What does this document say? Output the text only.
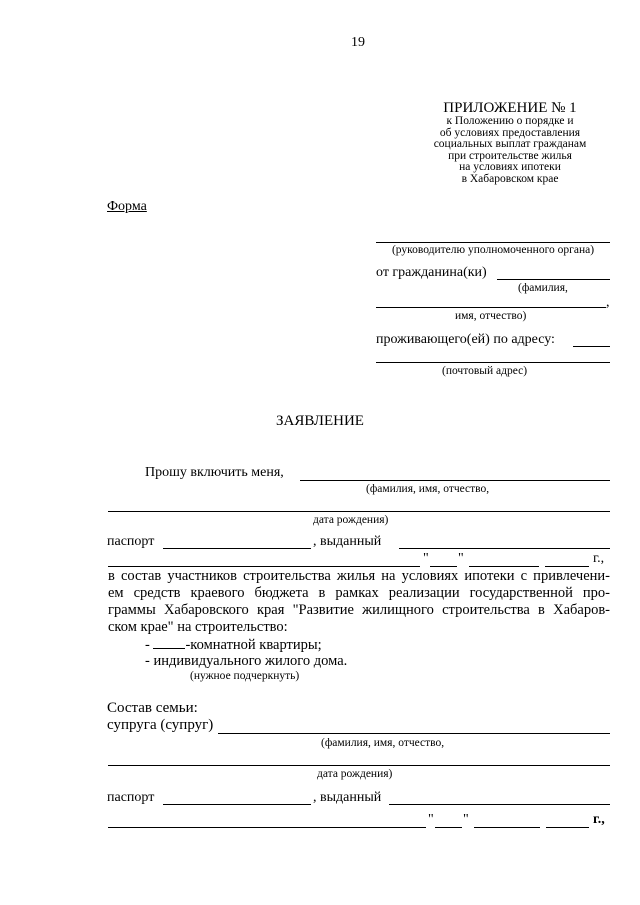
19
ПРИЛОЖЕНИЕ № 1
к Положению о порядке и
об условиях предоставления
социальных выплат гражданам
при строительстве жилья
на условиях ипотеки
в Хабаровском крае
Форма
(руководителю уполномоченного органа)
от гражданина(ки)
(фамилия,
,
имя, отчество)
проживающего(ей) по адресу:
(почтовый адрес)
ЗАЯВЛЕНИЕ
Прошу включить меня,
(фамилия, имя, отчество,
дата рождения)
паспорт	, выданный
" "	г.,
в состав участников строительства жилья на условиях ипотеки с привлечени-
ем средств краевого бюджета в рамках реализации государственной про-
граммы Хабаровского края "Развитие жилищного строительства в Хабаров-
ском крае" на строительство:
- -комнатной квартиры;
- индивидуального жилого дома.
(нужное подчеркнуть)
Состав семьи:
супруга (супруг)
(фамилия, имя, отчество,
дата рождения)
паспорт	, выданный
" "	г.,
